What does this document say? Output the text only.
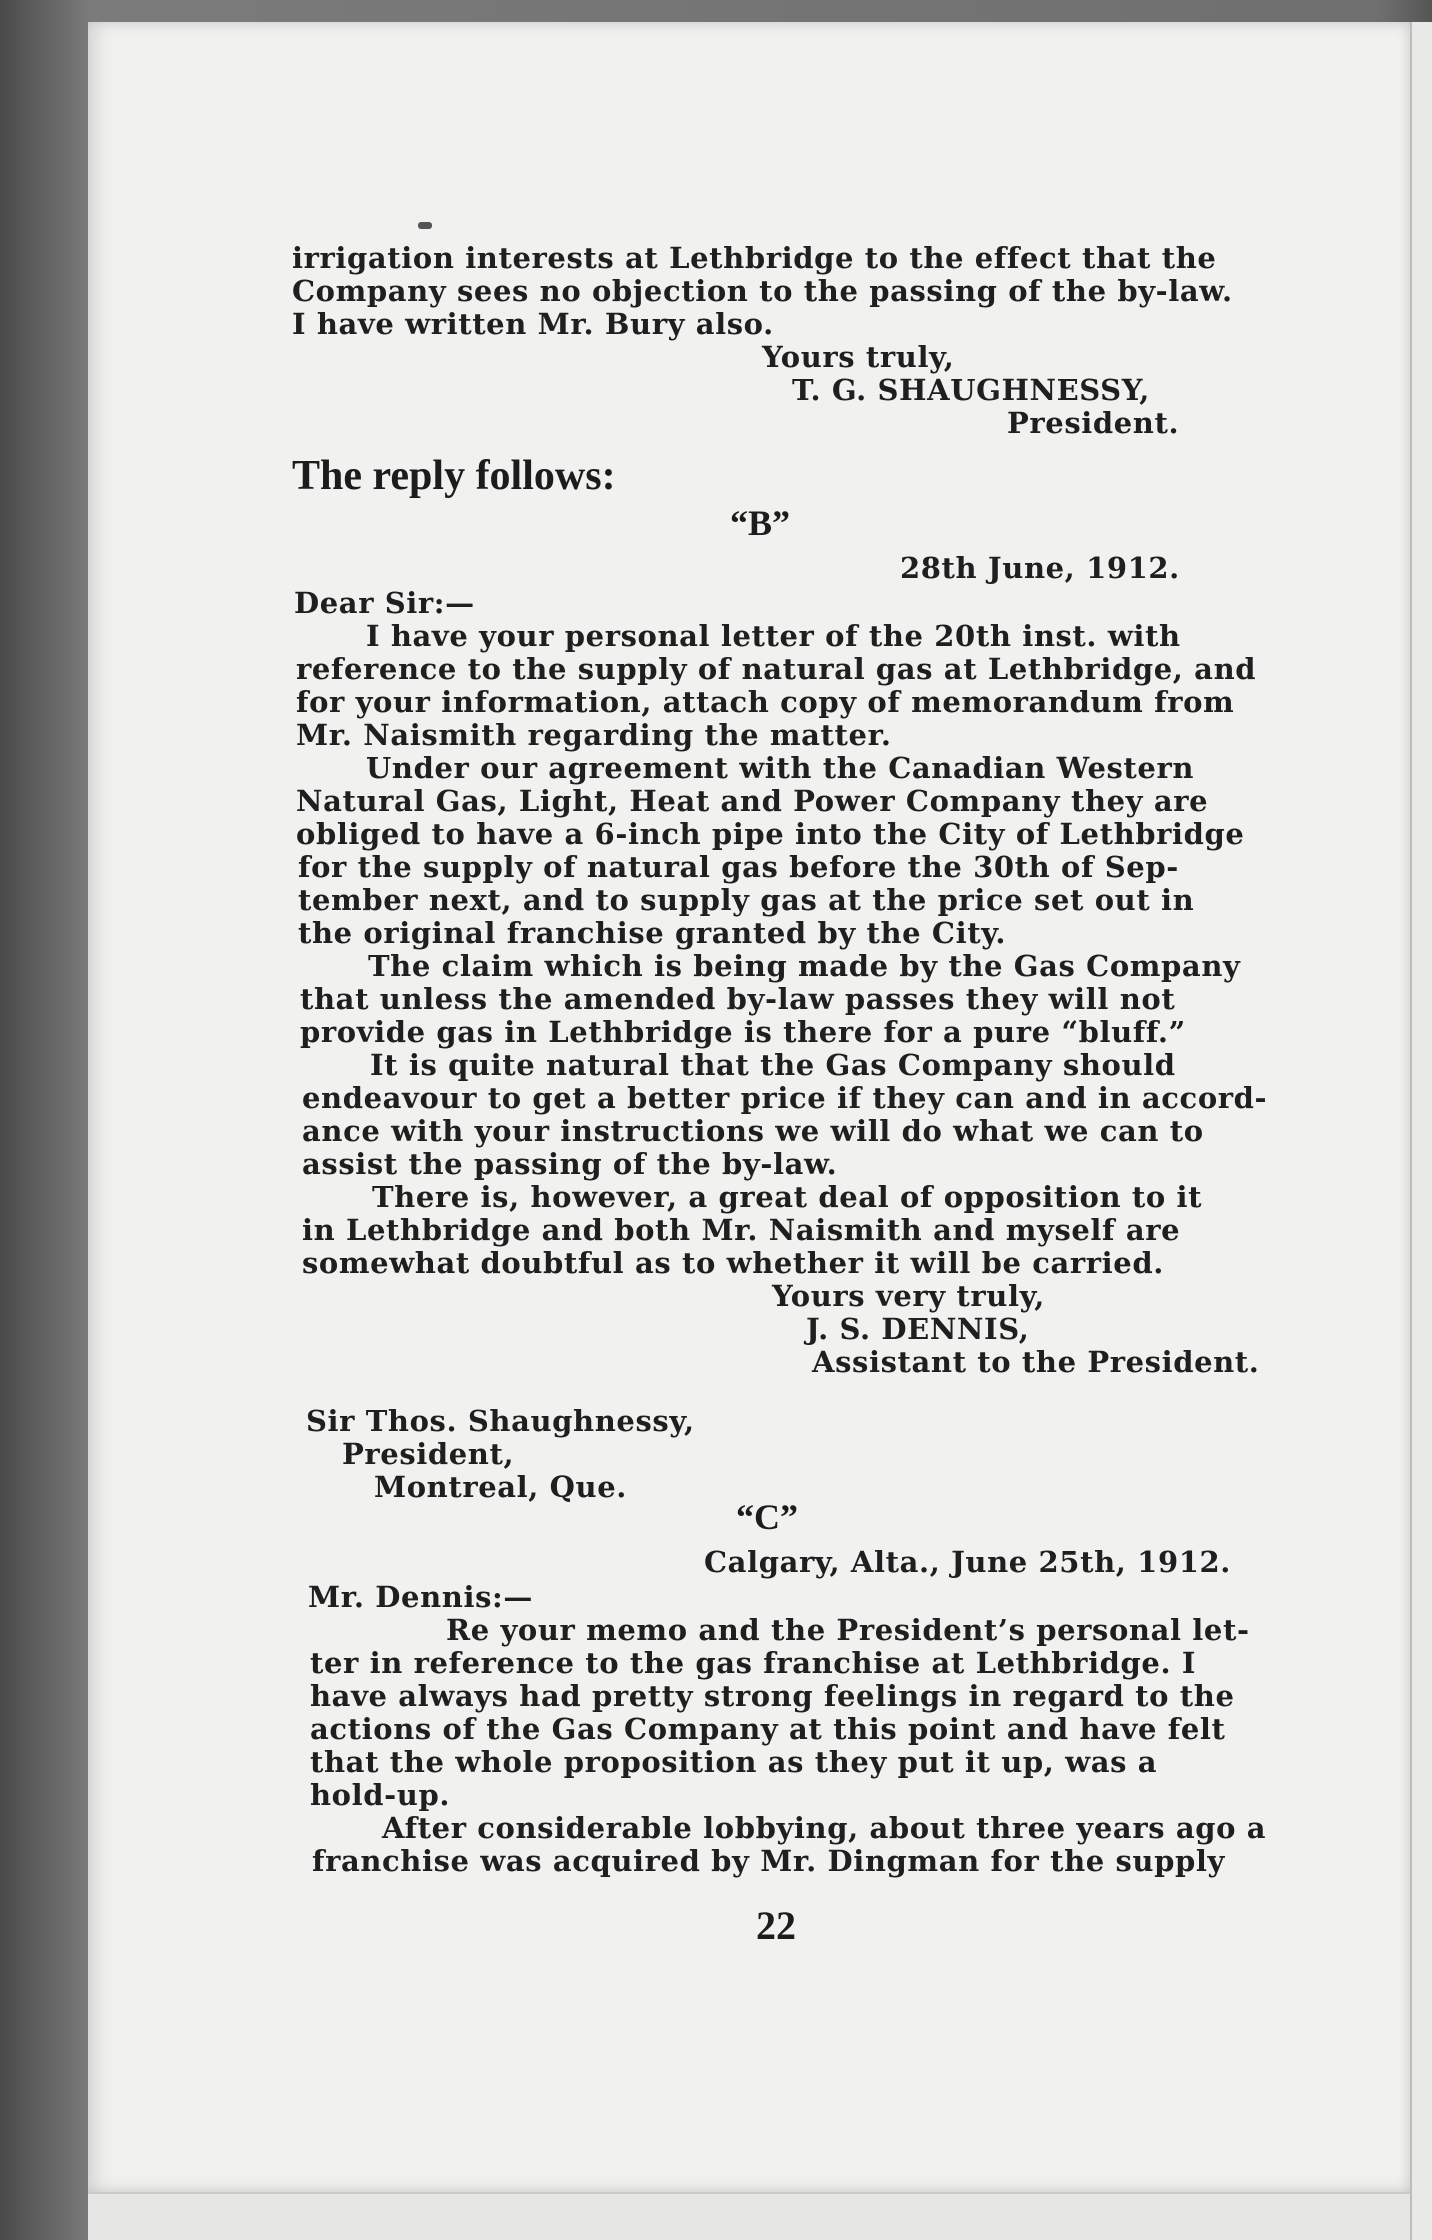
irrigation interests at Lethbridge to the effect that the
Company sees no objection to the passing of the by-law.
I have written Mr. Bury also.
Yours truly,
T. G. SHAUGHNESSY,
President.
The reply follows:
“B”
28th June, 1912.
Dear Sir:—
I have your personal letter of the 20th inst. with
reference to the supply of natural gas at Lethbridge, and
for your information, attach copy of memorandum from
Mr. Naismith regarding the matter.
Under our agreement with the Canadian Western
Natural Gas, Light, Heat and Power Company they are
obliged to have a 6-inch pipe into the City of Lethbridge
for the supply of natural gas before the 30th of Sep-
tember next, and to supply gas at the price set out in
the original franchise granted by the City.
The claim which is being made by the Gas Company
that unless the amended by-law passes they will not
provide gas in Lethbridge is there for a pure “bluff.”
It is quite natural that the Gas Company should
endeavour to get a better price if they can and in accord-
ance with your instructions we will do what we can to
assist the passing of the by-law.
There is, however, a great deal of opposition to it
in Lethbridge and both Mr. Naismith and myself are
somewhat doubtful as to whether it will be carried.
Yours very truly,
J. S. DENNIS,
Assistant to the President.
Sir Thos. Shaughnessy,
President,
Montreal, Que.
“C”
Calgary, Alta., June 25th, 1912.
Mr. Dennis:—
Re your memo and the President’s personal let-
ter in reference to the gas franchise at Lethbridge. I
have always had pretty strong feelings in regard to the
actions of the Gas Company at this point and have felt
that the whole proposition as they put it up, was a
hold-up.
After considerable lobbying, about three years ago a
franchise was acquired by Mr. Dingman for the supply
22
